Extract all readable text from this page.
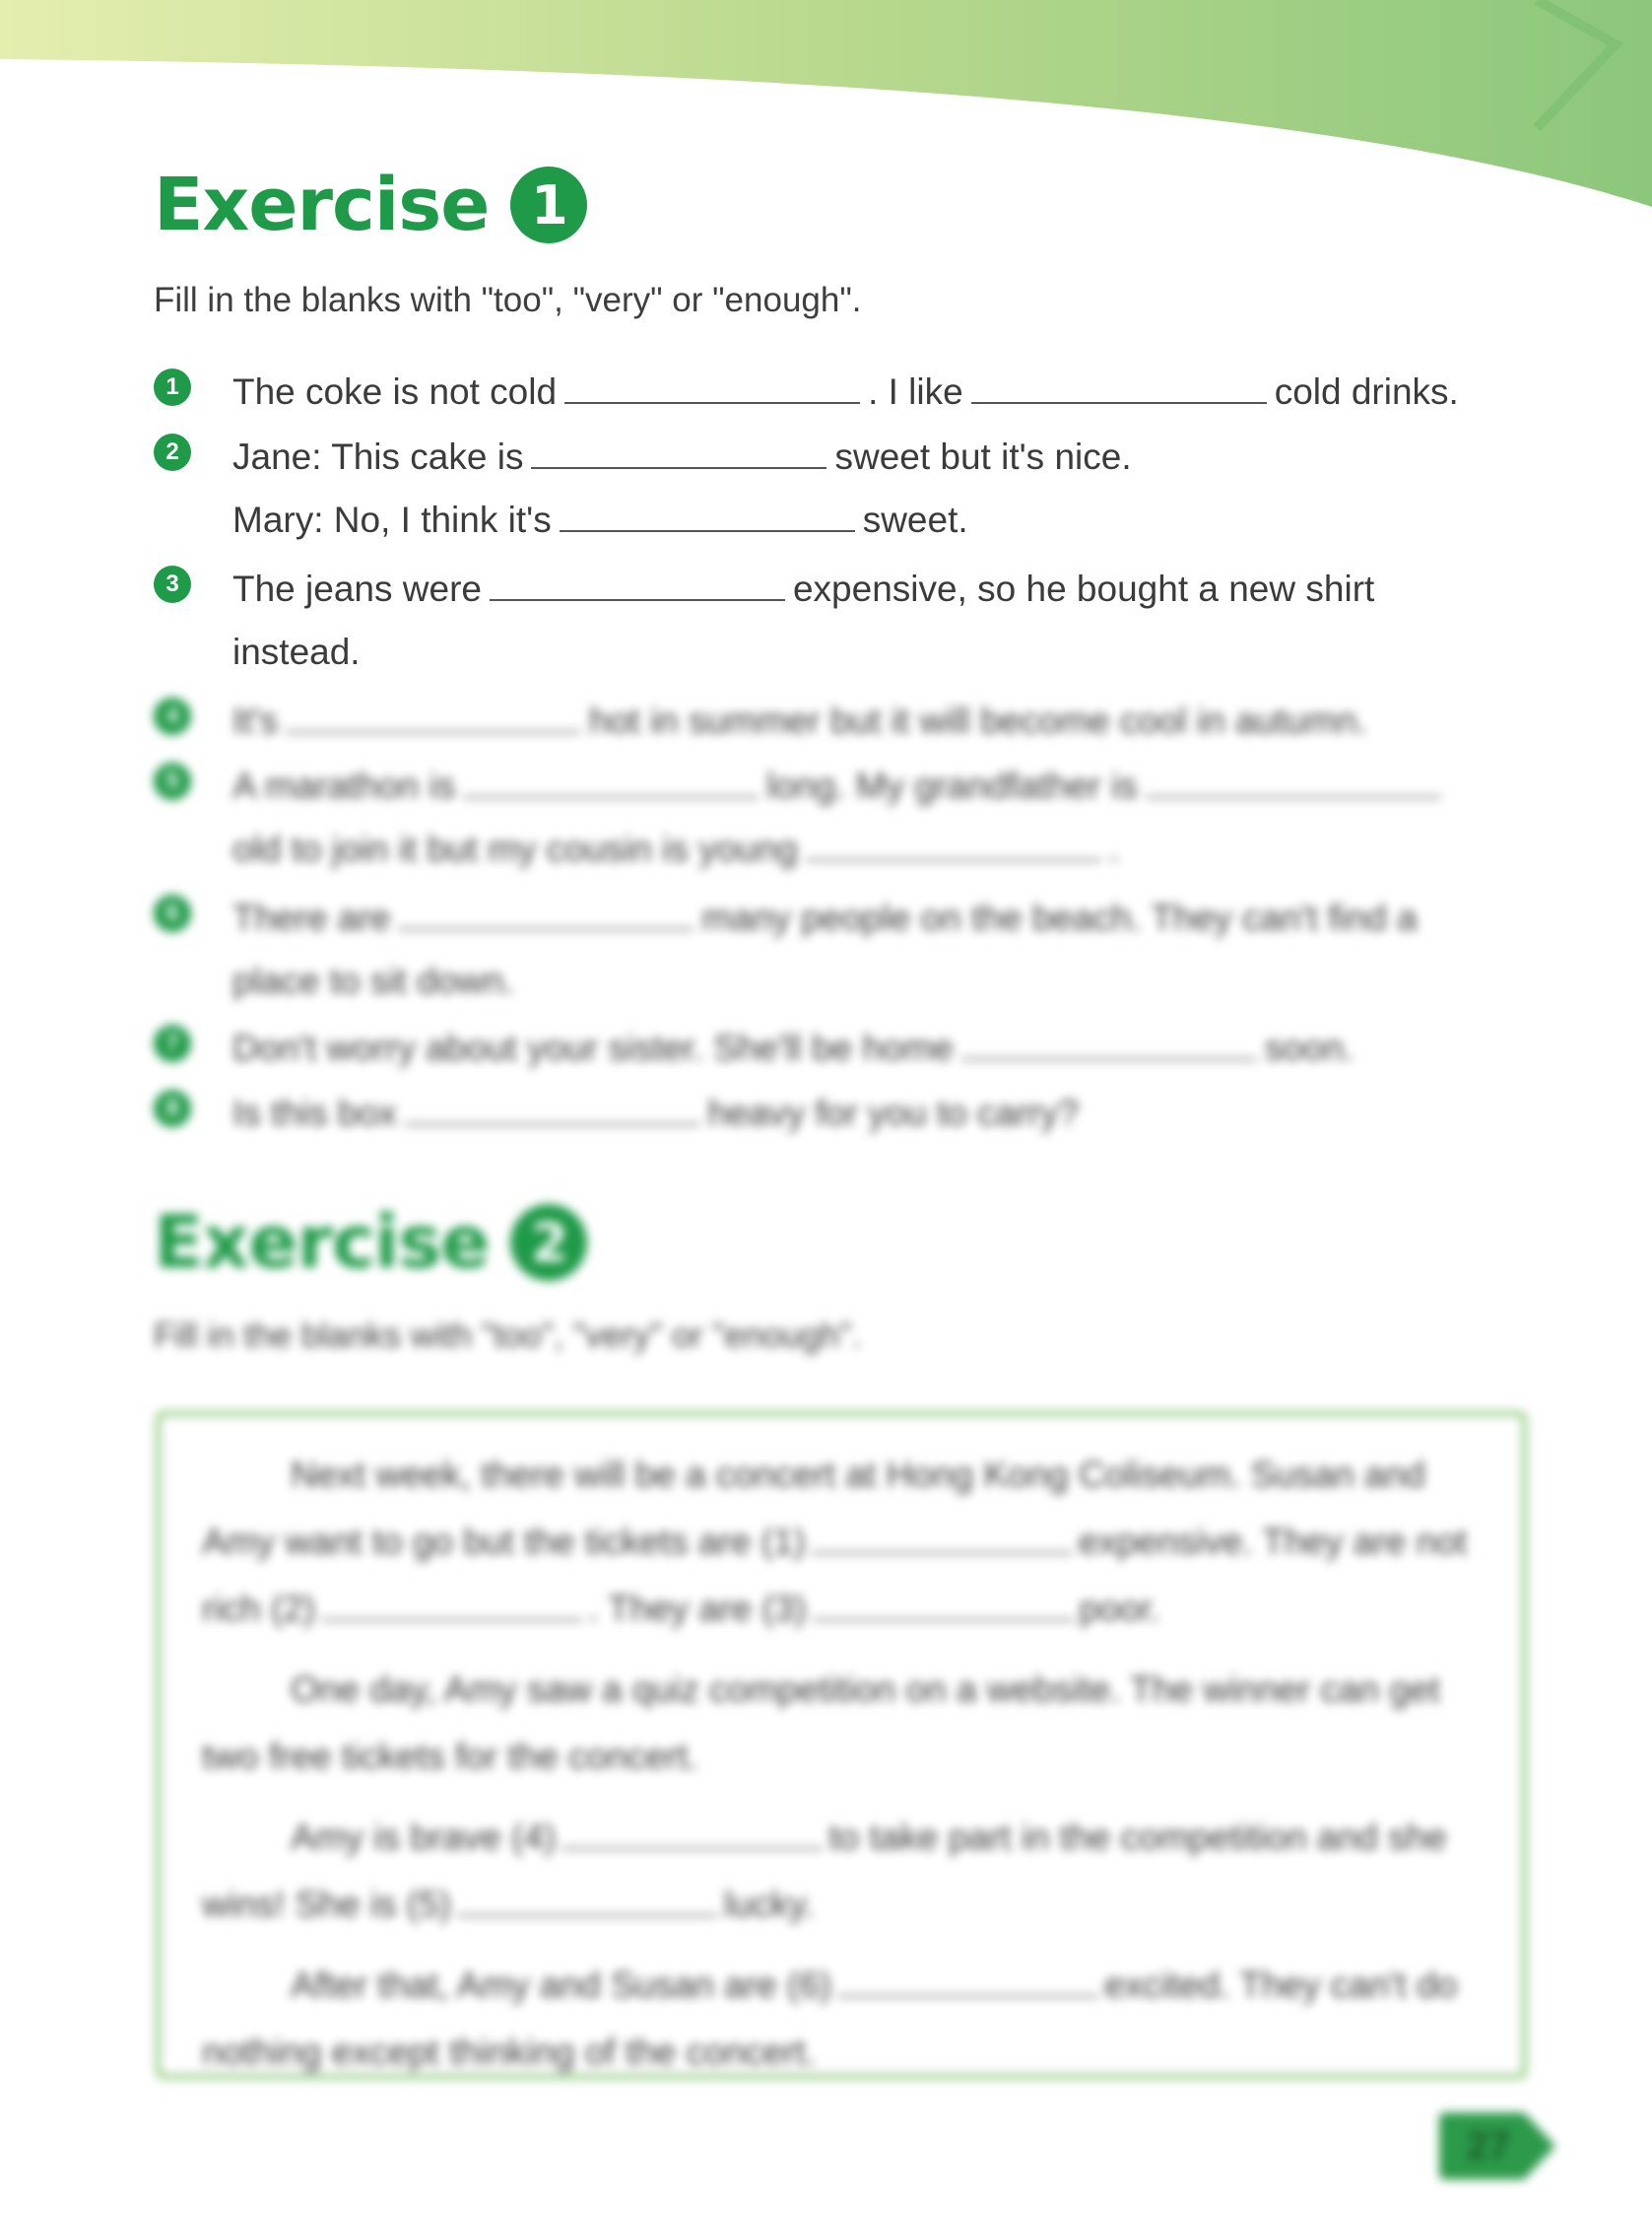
Exercise 1
Fill in the blanks with "too", "very" or "enough".
1	The coke is not cold	. I like	cold drinks.
2	Jane: This cake is	sweet but it's nice.
Mary: No, I think it's	sweet.
3	The jeans were	expensive, so he bought a new shirt
instead.
4	It's	hot in summer but it will become cool in autumn.
5	A marathon is	long. My grandfather is
old to join it but my cousin is young	.
6	There are	many people on the beach. They can't find a
place to sit down.
7	Don't worry about your sister. She'll be home	soon.
8	Is this box	heavy for you to carry?
Exercise 2
Fill in the blanks with "too", "very" or "enough".

Next week, there will be a concert at Hong Kong Coliseum. Susan and Amy want to go but the tickets are (1)	expensive. They are not rich (2)	. They are (3)	poor.

One day, Amy saw a quiz competition on a website. The winner can get two free tickets for the concert.

Amy is brave (4)	to take part in the competition and she wins! She is (5)	lucky.

After that, Amy and Susan are (6)	excited. They can't do nothing except thinking of the concert.

27
